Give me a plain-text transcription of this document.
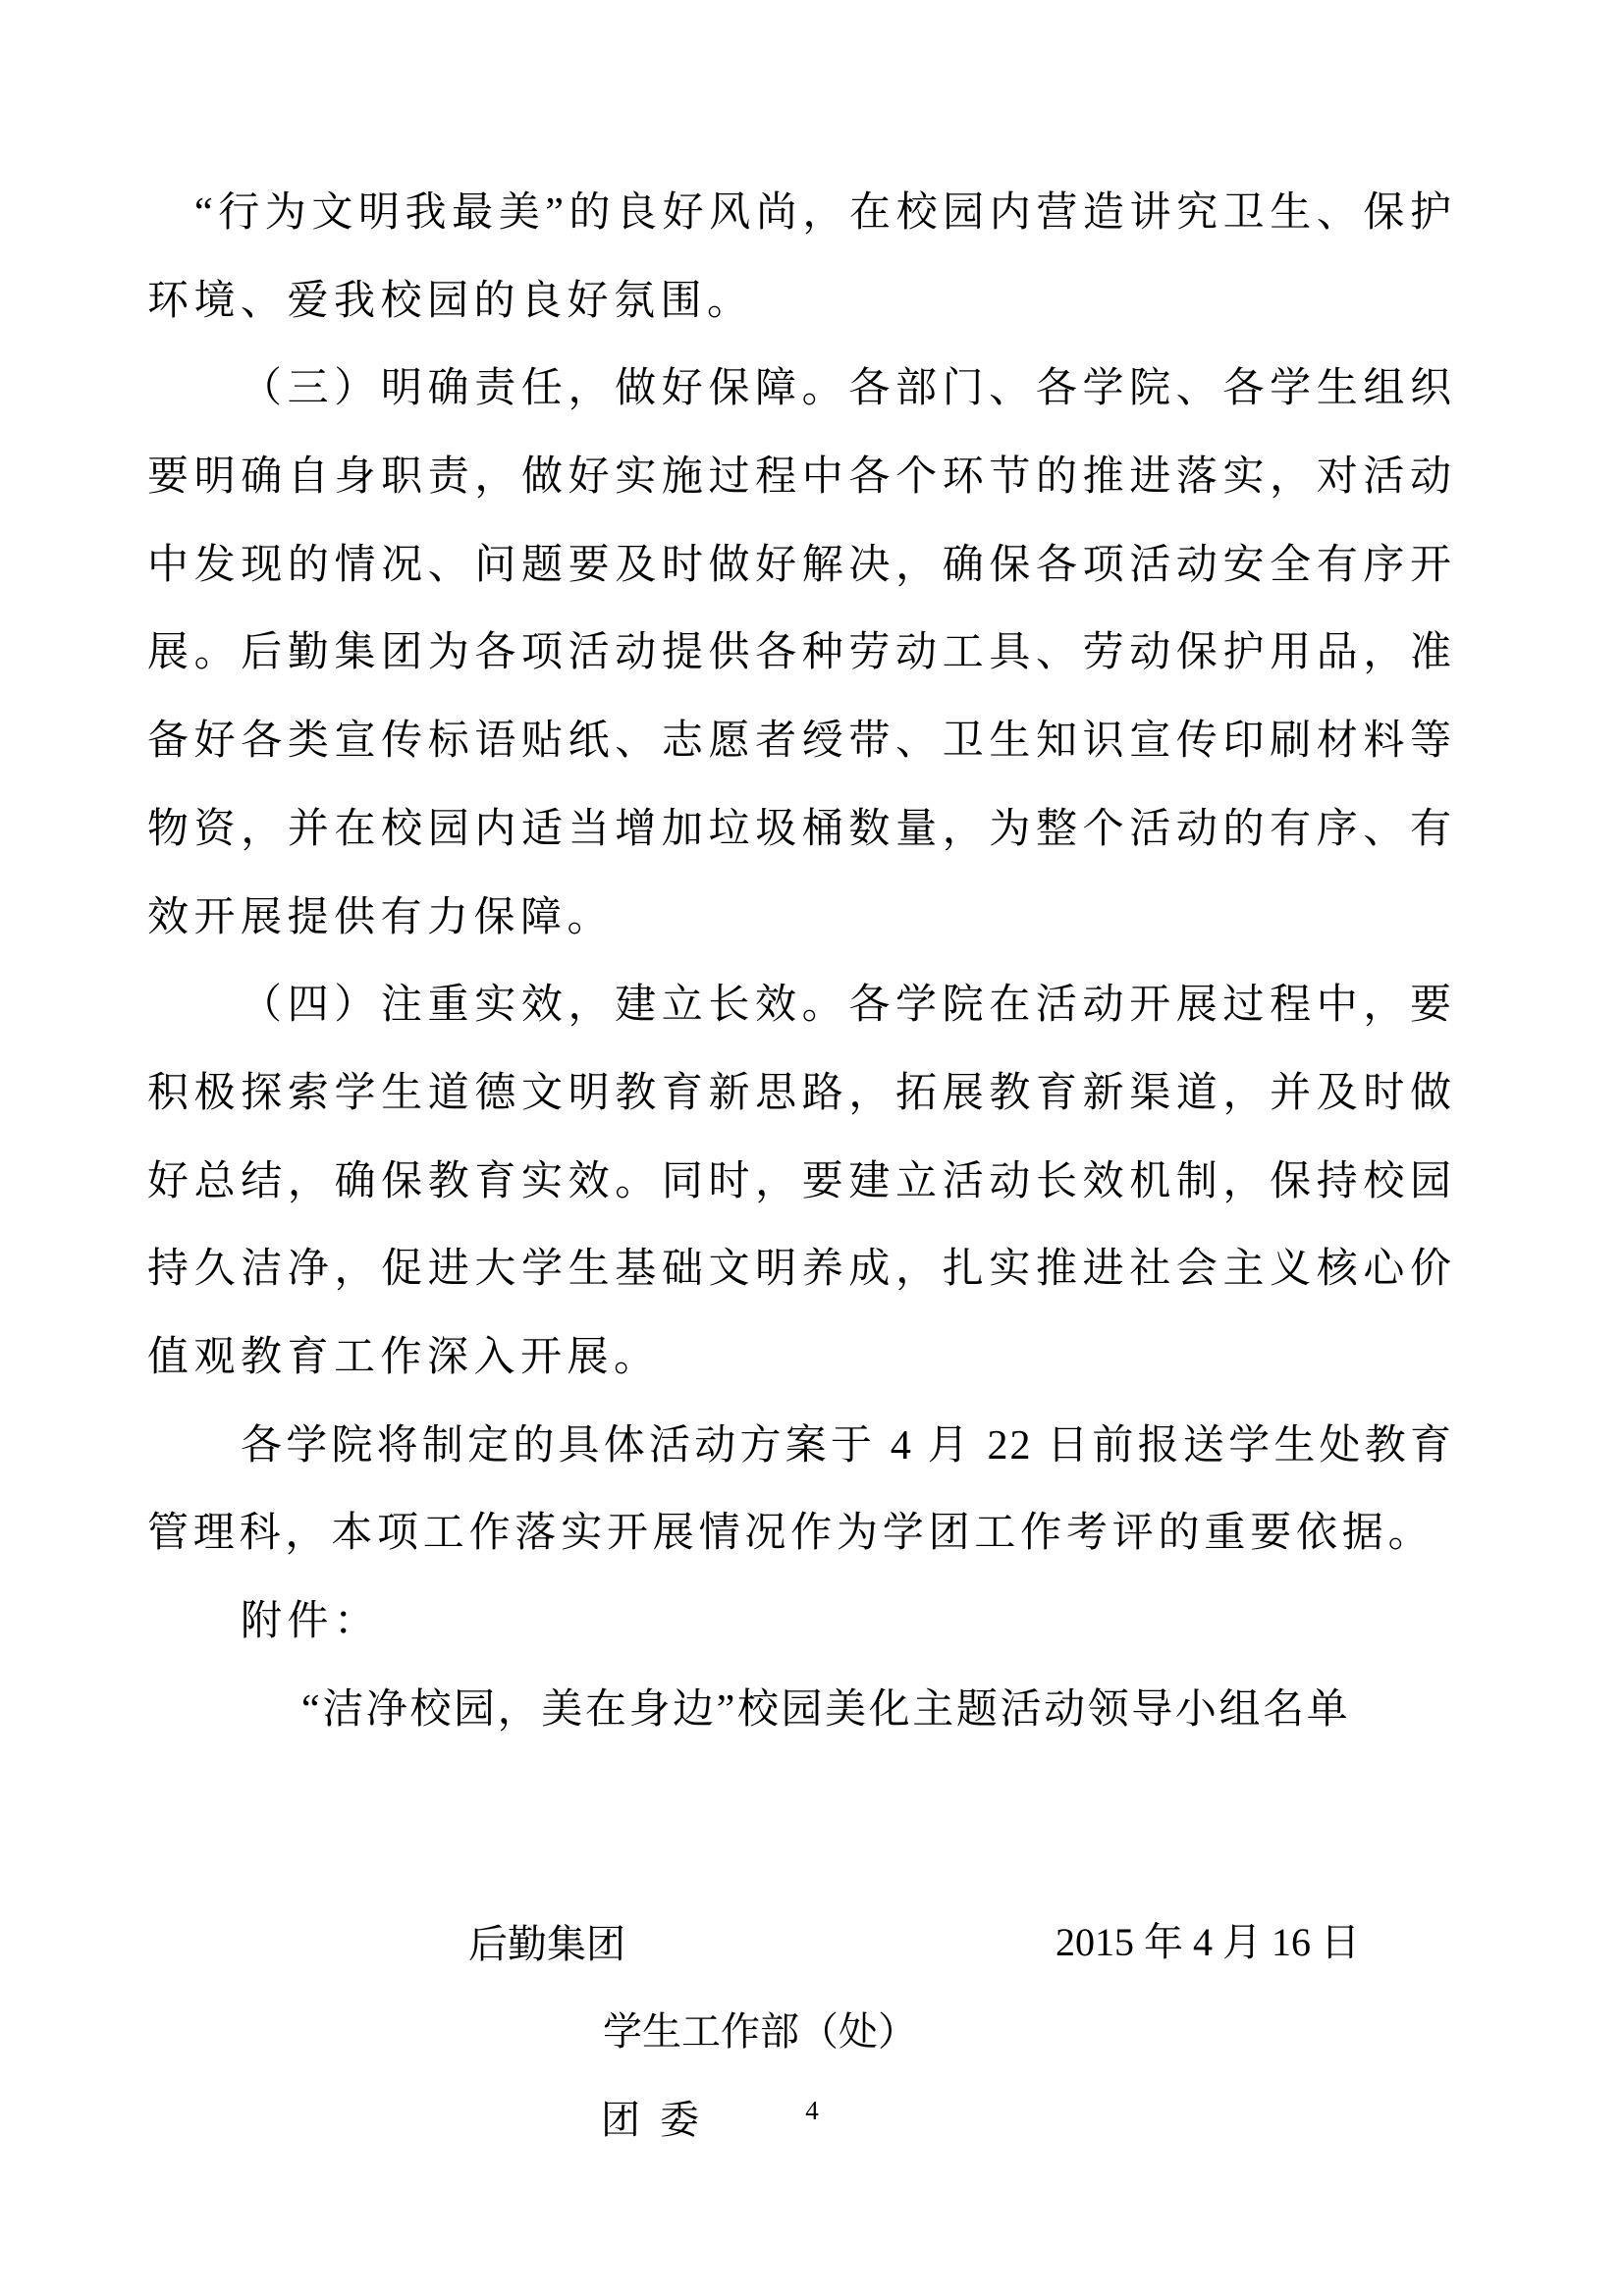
“行为文明我最美”的良好风尚，在校园内营造讲究卫生、保护
环境、爱我校园的良好氛围。
（三）明确责任，做好保障。各部门、各学院、各学生组织
要明确自身职责，做好实施过程中各个环节的推进落实，对活动
中发现的情况、问题要及时做好解决，确保各项活动安全有序开
展。后勤集团为各项活动提供各种劳动工具、劳动保护用品，准
备好各类宣传标语贴纸、志愿者绶带、卫生知识宣传印刷材料等
物资，并在校园内适当增加垃圾桶数量，为整个活动的有序、有
效开展提供有力保障。
（四）注重实效，建立长效。各学院在活动开展过程中，要
积极探索学生道德文明教育新思路，拓展教育新渠道，并及时做
好总结，确保教育实效。同时，要建立活动长效机制，保持校园
持久洁净，促进大学生基础文明养成，扎实推进社会主义核心价
值观教育工作深入开展。
各学院将制定的具体活动方案于 4 月 22 日前报送学生处教育
管理科，本项工作落实开展情况作为学团工作考评的重要依据。
附件：
“洁净校园，美在身边”校园美化主题活动领导小组名单

后勤集团
学生工作部（处）
团  委

2015 年 4 月 16 日
4
